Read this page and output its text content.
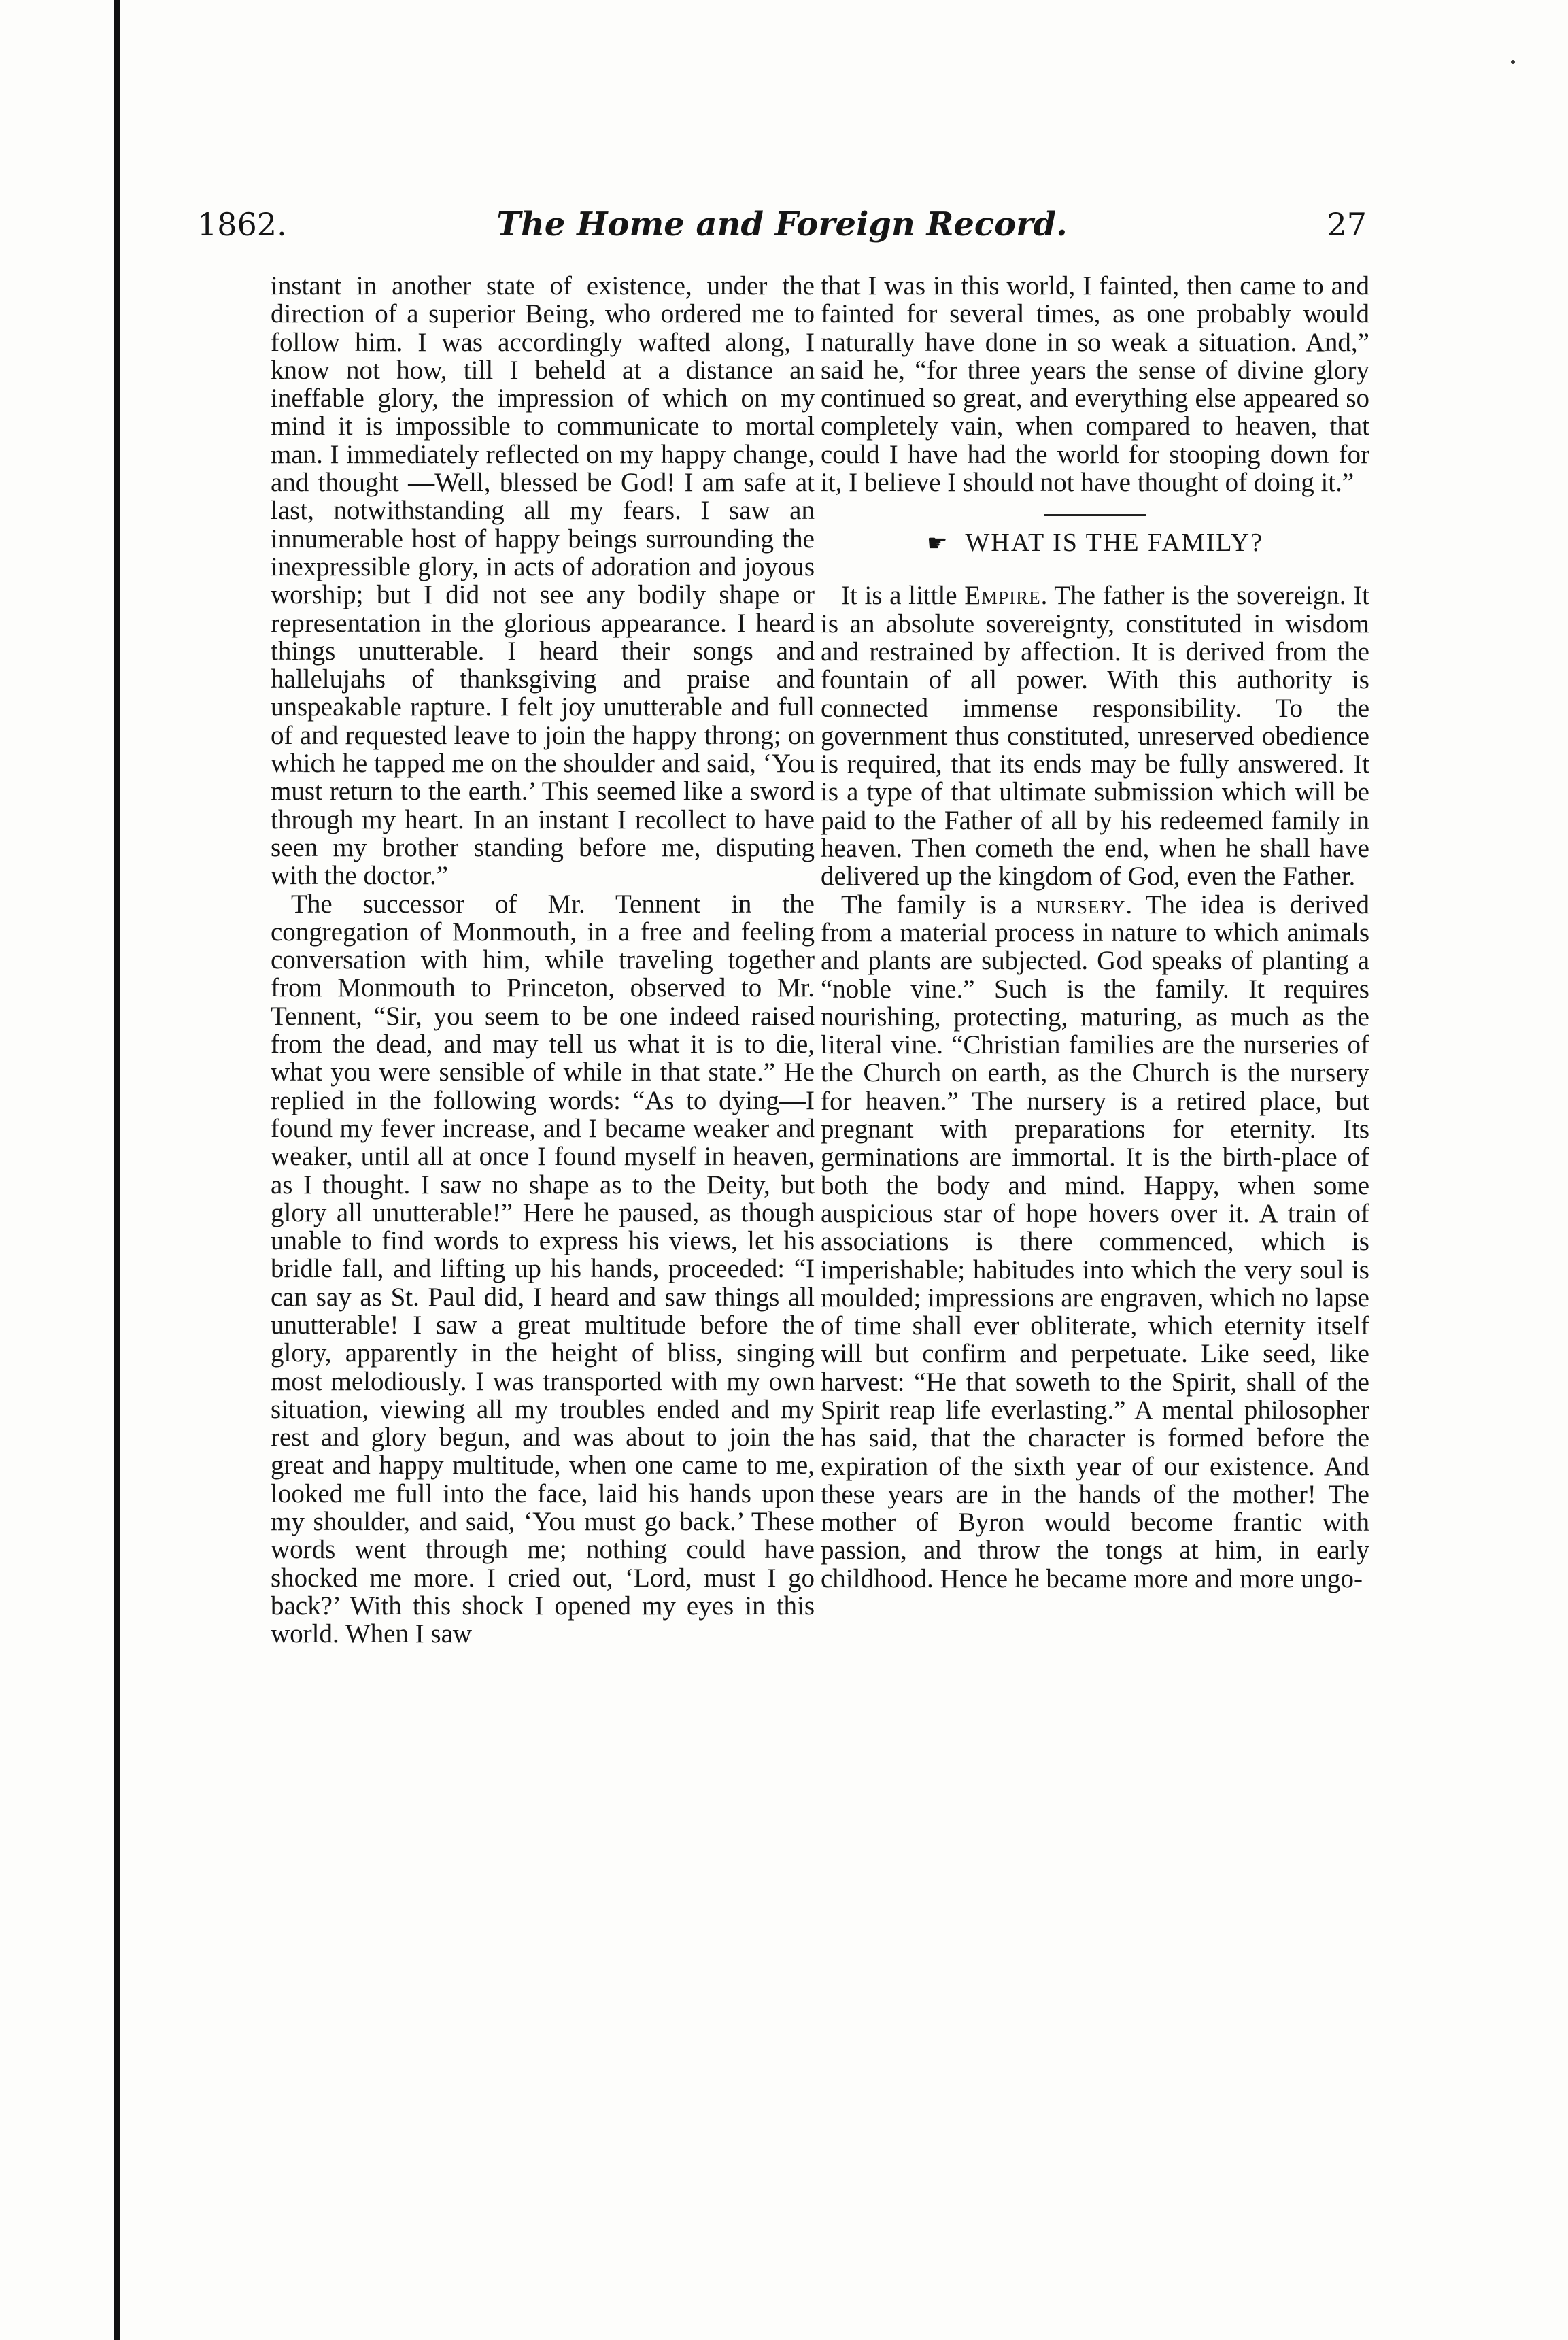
1862.	The Home and Foreign Record.	27

instant in another state of existence, under the direction of a superior Being, who ordered me to follow him. I was accordingly wafted along, I know not how, till I beheld at a distance an ineffable glory, the impression of which on my mind it is impossible to communicate to mortal man. I immediately reflected on my happy change, and thought —Well, blessed be God! I am safe at last, notwithstanding all my fears. I saw an innumerable host of happy beings surrounding the inexpressible glory, in acts of adoration and joyous worship; but I did not see any bodily shape or representation in the glorious appearance. I heard things unutterable. I heard their songs and hallelujahs of thanksgiving and praise and unspeakable rapture. I felt joy unutterable and full of and requested leave to join the happy throng; on which he tapped me on the shoulder and said, ‘You must return to the earth.’ This seemed like a sword through my heart. In an instant I recollect to have seen my brother standing before me, disputing with the doctor.”

The successor of Mr. Tennent in the congregation of Monmouth, in a free and feeling conversation with him, while traveling together from Monmouth to Princeton, observed to Mr. Tennent, “Sir, you seem to be one indeed raised from the dead, and may tell us what it is to die, what you were sensible of while in that state.” He replied in the following words: “As to dying—I found my fever increase, and I became weaker and weaker, until all at once I found myself in heaven, as I thought. I saw no shape as to the Deity, but glory all unutterable!” Here he paused, as though unable to find words to express his views, let his bridle fall, and lifting up his hands, proceeded: “I can say as St. Paul did, I heard and saw things all unutterable! I saw a great multitude before the glory, apparently in the height of bliss, singing most melodiously. I was transported with my own situation, viewing all my troubles ended and my rest and glory begun, and was about to join the great and happy multitude, when one came to me, looked me full into the face, laid his hands upon my shoulder, and said, ‘You must go back.’ These words went through me; nothing could have shocked me more. I cried out, ‘Lord, must I go back?’ With this shock I opened my eyes in this world. When I saw

that I was in this world, I fainted, then came to and fainted for several times, as one probably would naturally have done in so weak a situation. And,” said he, “for three years the sense of divine glory continued so great, and everything else appeared so completely vain, when compared to heaven, that could I have had the world for stooping down for it, I believe I should not have thought of doing it.”

☛ WHAT IS THE FAMILY?

It is a little Empire. The father is the sovereign. It is an absolute sovereignty, constituted in wisdom and restrained by affection. It is derived from the fountain of all power. With this authority is connected immense responsibility. To the government thus constituted, unreserved obedience is required, that its ends may be fully answered. It is a type of that ultimate submission which will be paid to the Father of all by his redeemed family in heaven. Then cometh the end, when he shall have delivered up the kingdom of God, even the Father.

The family is a nursery. The idea is derived from a material process in nature to which animals and plants are subjected. God speaks of planting a “noble vine.” Such is the family. It requires nourishing, protecting, maturing, as much as the literal vine. “Christian families are the nurseries of the Church on earth, as the Church is the nursery for heaven.” The nursery is a retired place, but pregnant with preparations for eternity. Its germinations are immortal. It is the birth-place of both the body and mind. Happy, when some auspicious star of hope hovers over it. A train of associations is there commenced, which is imperishable; habitudes into which the very soul is moulded; impressions are engraven, which no lapse of time shall ever obliterate, which eternity itself will but confirm and perpetuate. Like seed, like harvest: “He that soweth to the Spirit, shall of the Spirit reap life everlasting.” A mental philosopher has said, that the character is formed before the expiration of the sixth year of our existence. And these years are in the hands of the mother! The mother of Byron would become frantic with passion, and throw the tongs at him, in early childhood. Hence he became more and more ungo-
